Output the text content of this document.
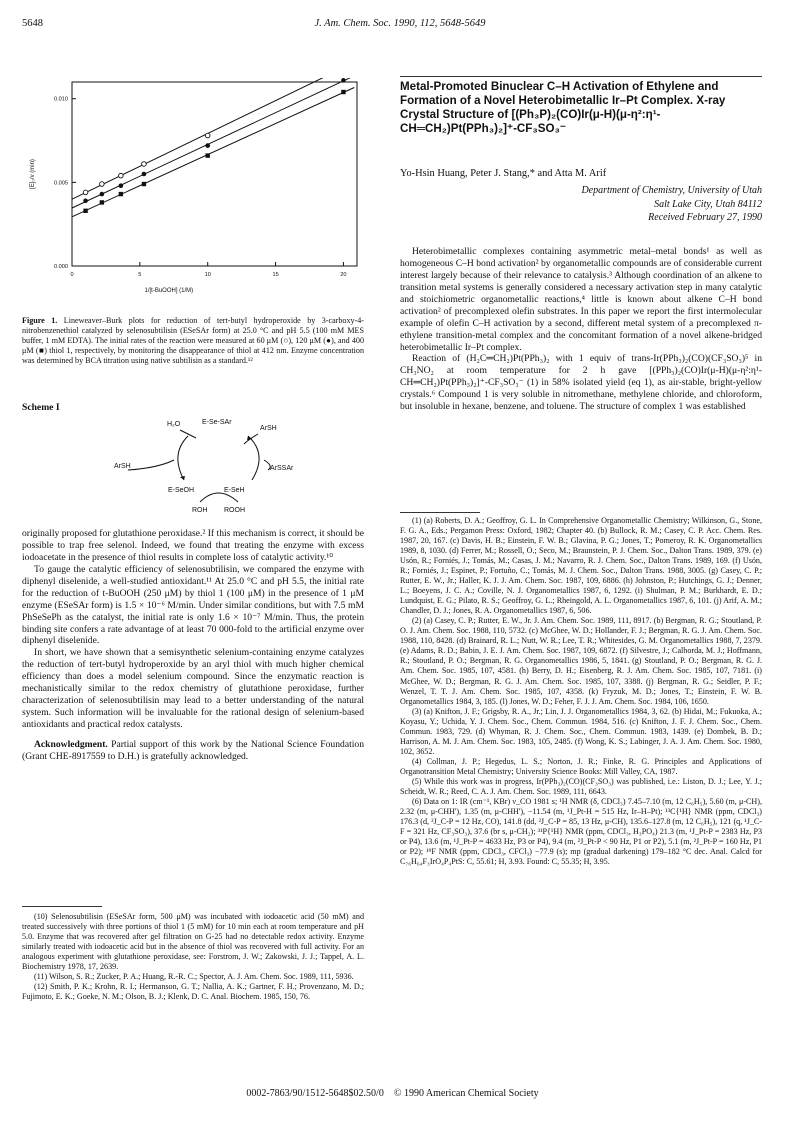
5648	J. Am. Chem. Soc. 1990, 112, 5648-5649
0	5	10	15	20
0.000
0.005
0.010
1/[t-BuOOH] (1/M)
[E]₀/v (min)

Figure 1. Lineweaver–Burk plots for reduction of tert-butyl hydroperoxide by 3-carboxy-4-nitrobenzenethiol catalyzed by selenosubtilisin (ESeSAr form) at 25.0 °C and pH 5.5 (100 mM MES buffer, 1 mM EDTA). The initial rates of the reaction were measured at 60 μM (○), 120 μM (●), and 400 μM (■) thiol 1, respectively, by monitoring the disappearance of thiol at 412 nm. Enzyme concentration was determined by BCA titration using native subtilisin as a standard.¹²

Scheme I
H₂O	E-Se-SAr
ArSH
ArSH	ArSSAr
E-SeOH	E-SeH
ROH ROOH

originally proposed for glutathione peroxidase.² If this mechanism is correct, it should be possible to trap free selenol. Indeed, we found that treating the enzyme with excess iodoacetate in the presence of thiol results in complete loss of catalytic activity.¹⁰

To gauge the catalytic efficiency of selenosubtilisin, we compared the enzyme with diphenyl diselenide, a well-studied antioxidant.¹¹ At 25.0 °C and pH 5.5, the initial rate for the reduction of t-BuOOH (250 μM) by thiol 1 (100 μM) in the presence of 1 μM enzyme (ESeSAr form) is 1.5 × 10⁻⁶ M/min. Under similar conditions, but with 7.5 mM PhSeSePh as the catalyst, the initial rate is only 1.6 × 10⁻⁷ M/min. Thus, the protein binding site confers a rate advantage of at least 70 000-fold to the artificial enzyme over diphenyl diselenide.

In short, we have shown that a semisynthetic selenium-containing enzyme catalyzes the reduction of tert-butyl hydroperoxide by an aryl thiol with much higher chemical efficiency than does a model selenium compound. Since the enzymatic reaction is mechanistically similar to the redox chemistry of glutathione peroxidase, further characterization of selenosubtilisin may lead to a better understanding of the natural system. Such information will be invaluable for the rational design of selenium-based antioxidants and practical redox catalysts.

Acknowledgment. Partial support of this work by the National Science Foundation (Grant CHE-8917559 to D.H.) is gratefully acknowledged.

(10) Selenosubtilisin (ESeSAr form, 500 μM) was incubated with iodoacetic acid (50 mM) and treated successively with three portions of thiol 1 (5 mM) for 10 min each at room temperature and pH 5.0. Enzyme that was recovered after gel filtration on G-25 had no detectable redox activity. Enzyme similarly treated with iodoacetic acid but in the absence of thiol was recovered with full activity. For an analogous experiment with glutathione peroxidase, see: Forstrom, J. W.; Zakowski, J. J.; Tappel, A. L. Biochemistry 1978, 17, 2639.

(11) Wilson, S. R.; Zucker, P. A.; Huang, R.-R. C.; Spector, A. J. Am. Chem. Soc. 1989, 111, 5936.

(12) Smith, P. K.; Krohn, R. I.; Hermanson, G. T.; Nallia, A. K.; Gartner, F. H.; Provenzano, M. D.; Fujimoto, E. K.; Goeke, N. M.; Olson, B. J.; Klenk, D. C. Anal. Biochem. 1985, 150, 76.

Metal-Promoted Binuclear C–H Activation of Ethylene and Formation of a Novel Heterobimetallic Ir–Pt Complex. X-ray Crystal Structure of [(Ph₃P)₂(CO)Ir(μ-H)(μ-η²:η¹-CH═CH₂)Pt(PPh₃)₂]⁺-CF₃SO₃⁻
Yo-Hsin Huang, Peter J. Stang,* and Atta M. Arif
Department of Chemistry, University of Utah
Salt Lake City, Utah 84112
Received February 27, 1990

Heterobimetallic complexes containing asymmetric metal–metal bonds¹ as well as homogeneous C–H bond activation² by organometallic compounds are of considerable current interest largely because of their relevance to catalysis.³ Although coordination of an alkene to transition metal systems is generally considered a necessary activation step in many catalytic and stoichiometric organometallic reactions,⁴ little is known about alkene C–H bond activation² of precomplexed olefin substrates. In this paper we report the first intermolecular example of olefin C–H activation by a second, different metal system of a precomplexed π-ethylene transition-metal complex and the concomitant formation of a novel alkene-bridged heterobimetallic Ir–Pt complex.

Reaction of (H₂C═CH₂)Pt(PPh₃)₂ with 1 equiv of trans-Ir(PPh₃)₂(CO)(CF₃SO₃)⁵ in CH₃NO₂ at room temperature for 2 h gave [(PPh₃)₂(CO)Ir(μ-H)(μ-η²:η¹-CH═CH₂)Pt(PPh₃)₂]⁺-CF₃SO₃⁻ (1) in 58% isolated yield (eq 1), as air-stable, bright-yellow crystals.⁶ Compound 1 is very soluble in nitromethane, methylene chloride, and chloroform, but insoluble in hexane, benzene, and toluene. The structure of complex 1 was established

(1) (a) Roberts, D. A.; Geoffroy, G. L. In Comprehensive Organometallic Chemistry; Wilkinson, G., Stone, F. G. A., Eds.; Pergamon Press: Oxford, 1982; Chapter 40. (b) Bullock, R. M.; Casey, C. P. Acc. Chem. Res. 1987, 20, 167. (c) Davis, H. B.; Einstein, F. W. B.; Glavina, P. G.; Jones, T.; Pomeroy, R. K. Organometallics 1989, 8, 1030. (d) Ferrer, M.; Rossell, O.; Seco, M.; Braunstein, P. J. Chem. Soc., Dalton Trans. 1989, 379. (e) Usón, R.; Forniés, J.; Tomás, M.; Casas, J. M.; Navarro, R. J. Chem. Soc., Dalton Trans. 1989, 169. (f) Usón, R.; Forniés, J.; Espinet, P.; Fortuño, C.; Tomás, M. J. Chem. Soc., Dalton Trans. 1988, 3005. (g) Casey, C. P.; Rutter, E. W., Jr.; Haller, K. J. J. Am. Chem. Soc. 1987, 109, 6886. (h) Johnston, P.; Hutchings, G. J.; Denner, L.; Boeyens, J. C. A.; Coville, N. J. Organometallics 1987, 6, 1292. (i) Shulman, P. M.; Burkhardt, E. D.; Lundquist, E. G.; Pilato, R. S.; Geoffroy, G. L.; Rheingold, A. L. Organometallics 1987, 6, 101. (j) Arif, A. M.; Chandler, D. J.; Jones, R. A. Organometallics 1987, 6, 506.

(2) (a) Casey, C. P.; Rutter, E. W., Jr. J. Am. Chem. Soc. 1989, 111, 8917. (b) Bergman, R. G.; Stoutland, P. O. J. Am. Chem. Soc. 1988, 110, 5732. (c) McGhee, W. D.; Hollander, F. J.; Bergman, R. G. J. Am. Chem. Soc. 1988, 110, 8428. (d) Brainard, R. L.; Nutt, W. R.; Lee, T. R.; Whitesides, G. M. Organometallics 1988, 7, 2379. (e) Adams, R. D.; Babin, J. E. J. Am. Chem. Soc. 1987, 109, 6872. (f) Silvestre, J.; Calhorda, M. J.; Hoffmann, R.; Stoutland, P. O.; Bergman, R. G. Organometallics 1986, 5, 1841. (g) Stoutland, P. O.; Bergman, R. G. J. Am. Chem. Soc. 1985, 107, 4581. (h) Berry, D. H.; Eisenberg, R. J. Am. Chem. Soc. 1985, 107, 7181. (i) McGhee, W. D.; Bergman, R. G. J. Am. Chem. Soc. 1985, 107, 3388. (j) Bergman, R. G.; Seidler, P. F.; Wenzel, T. T. J. Am. Chem. Soc. 1985, 107, 4358. (k) Fryzuk, M. D.; Jones, T.; Einstein, F. W. B. Organometallics 1984, 3, 185. (l) Jones, W. D.; Feher, F. J. J. Am. Chem. Soc. 1984, 106, 1650.

(3) (a) Knifton, J. F.; Grigsby, R. A., Jr.; Lin, J. J. Organometallics 1984, 3, 62. (b) Hidai, M.; Fukuoka, A.; Koyasu, Y.; Uchida, Y. J. Chem. Soc., Chem. Commun. 1984, 516. (c) Knifton, J. F. J. Chem. Soc., Chem. Commun. 1983, 729. (d) Whyman, R. J. Chem. Soc., Chem. Commun. 1983, 1439. (e) Dombek, B. D.; Harrison, A. M. J. Am. Chem. Soc. 1983, 105, 2485. (f) Wong, K. S.; Labinger, J. A. J. Am. Chem. Soc. 1980, 102, 3652.

(4) Collman, J. P.; Hegedus, L. S.; Norton, J. R.; Finke, R. G. Principles and Applications of Organotransition Metal Chemistry; University Science Books: Mill Valley, CA, 1987.

(5) While this work was in progress, Ir(PPh₃)₂(CO)(CF₃SO₃) was published, i.e.: Liston, D. J.; Lee, Y. J.; Scheidt, W. R.; Reed, C. A. J. Am. Chem. Soc. 1989, 111, 6643.

(6) Data on 1: IR (cm⁻¹, KBr) ν_CO 1981 s; ¹H NMR (δ, CDCl₃) 7.45–7.10 (m, 12 C₆H₅), 5.60 (m, μ-CH), 2.32 (m, μ-CHH'), 1.35 (m, μ-CHH'), −11.54 (m, ¹J_Pt-H = 515 Hz, Ir–H–Pt); ¹³C{¹H} NMR (ppm, CDCl₃) 176.3 (d, ²J_C-P = 12 Hz, CO), 141.8 (dd, ²J_C-P = 85, 13 Hz, μ-CH), 135.6–127.8 (m, 12 C₆H₅), 121 (q, ¹J_C-F = 321 Hz, CF₃SO₃), 37.6 (br s, μ-CH₂); ³¹P{¹H} NMR (ppm, CDCl₃, H₃PO₄) 21.3 (m, ¹J_Pt-P = 2383 Hz, P3 or P4), 13.6 (m, ¹J_Pt-P = 4633 Hz, P3 or P4), 9.4 (m, ²J_Pt-P < 90 Hz, P1 or P2), 5.1 (m, ²J_Pt-P = 160 Hz, P1 or P2); ¹⁹F NMR (ppm, CDCl₃, CFCl₃) −77.9 (s); mp (gradual darkening) 179–182 °C dec. Anal. Calcd for C₇₆H₆₄F₃IrO₄P₄PtS: C, 55.61; H, 3.93. Found: C, 55.35; H, 3.95.

0002-7863/90/1512-5648$02.50/0 © 1990 American Chemical Society
